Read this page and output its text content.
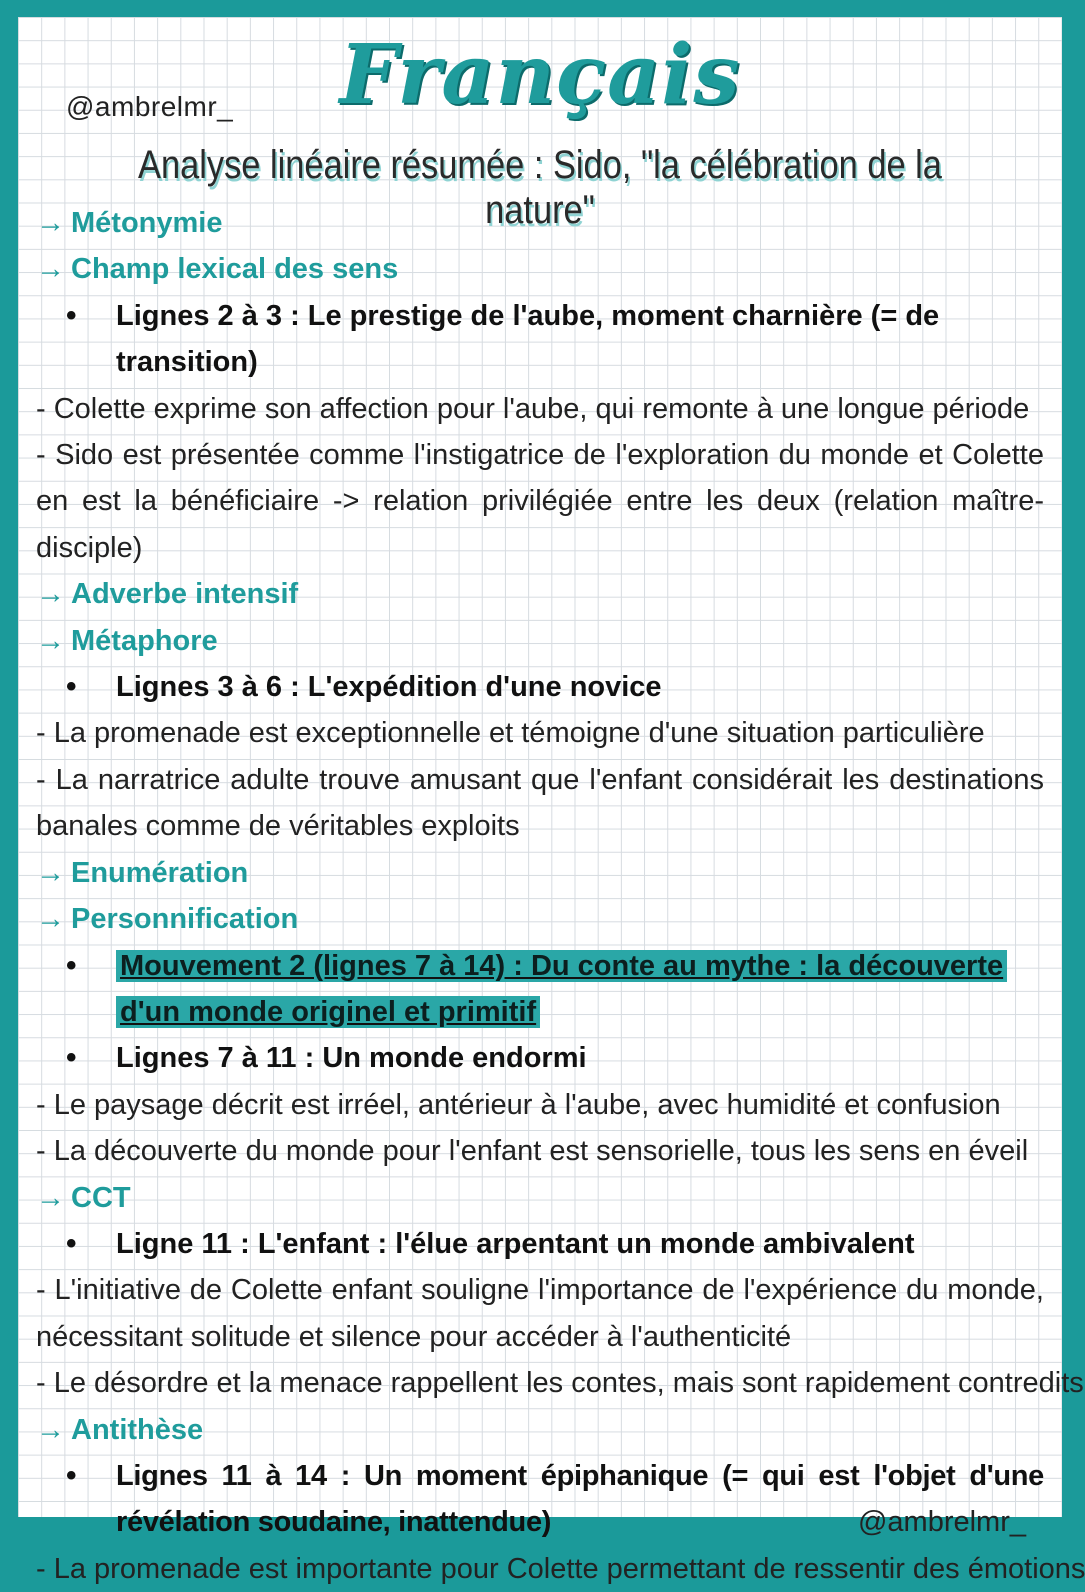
@ambrelmr_	Français
Analyse linéaire résumée : Sido, "la célébration de la nature"
→ Métonymie
→ Champ lexical des sens
•	Lignes 2 à 3 : Le prestige de l'aube, moment charnière (= de transition)
- Colette exprime son affection pour l'aube, qui remonte à une longue période
- Sido est présentée comme l'instigatrice de l'exploration du monde et Colette en est la bénéficiaire -> relation privilégiée entre les deux (relation maître-disciple)
→ Adverbe intensif
→ Métaphore
•	Lignes 3 à 6 : L'expédition d'une novice
- La promenade est exceptionnelle et témoigne d'une situation particulière
- La narratrice adulte trouve amusant que l'enfant considérait les destinations banales comme de véritables exploits
→ Enumération
→ Personnification
•	Mouvement 2 (lignes 7 à 14) : Du conte au mythe : la découverte d'un monde originel et primitif
•	Lignes 7 à 11 : Un monde endormi
- Le paysage décrit est irréel, antérieur à l'aube, avec humidité et confusion
- La découverte du monde pour l'enfant est sensorielle, tous les sens en éveil
→ CCT
•	Ligne 11 : L'enfant : l'élue arpentant un monde ambivalent
- L'initiative de Colette enfant souligne l'importance de l'expérience du monde, nécessitant solitude et silence pour accéder à l'authenticité
- Le désordre et la menace rappellent les contes, mais sont rapidement contredits
→ Antithèse
•	Lignes 11 à 14 : Un moment épiphanique (= qui est l'objet d'une révélation soudaine, inattendue)	@ambrelmr_
- La promenade est importante pour Colette permettant de ressentir des émotions
